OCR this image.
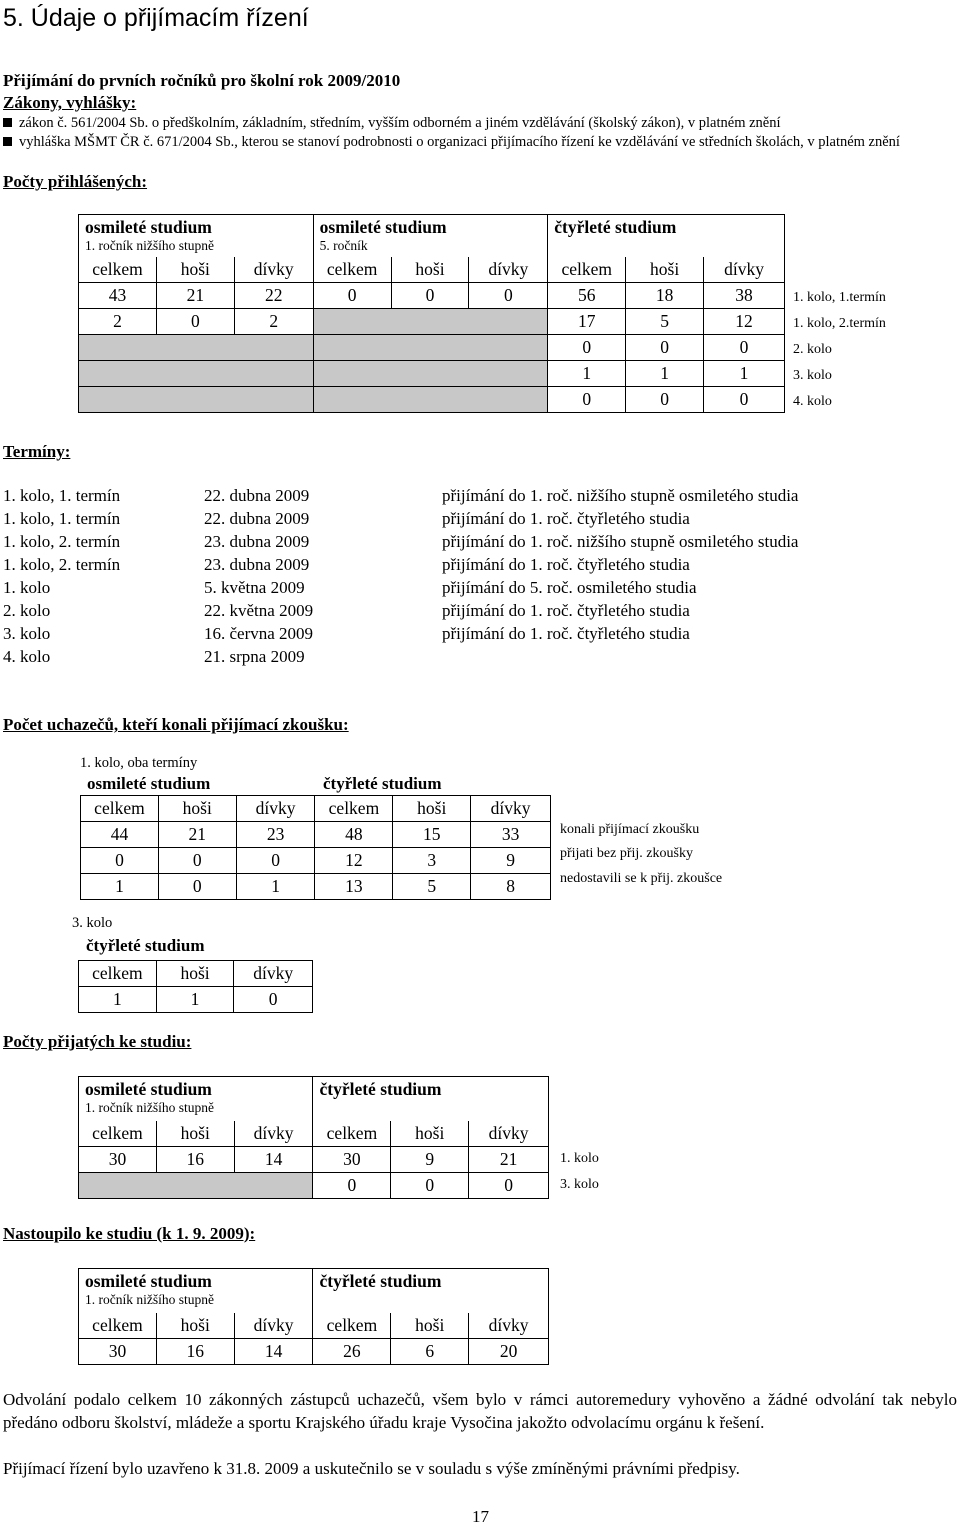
5. Údaje o přijímacím řízení
Přijímání do prvních ročníků pro školní rok 2009/2010
Zákony, vyhlášky:
zákon č. 561/2004 Sb. o předškolním, základním, středním, vyšším odborném a jiném vzdělávání (školský zákon), v platném znění
vyhláška MŠMT ČR č. 671/2004 Sb., kterou se stanoví podrobnosti o organizaci přijímacího řízení ke vzdělávání ve středních školách, v platném znění
Počty přihlášených:
osmileté studium
1. ročník nižšího stupně			osmileté studium
5. ročník			čtyřleté studium		

celkem	hoši	dívky	celkem	hoši	dívky	celkem	hoši	dívky
43	21	22	0	0	0	56	18	38
2	0	2				17	5	12
						0	0	0
						1	1	1
						0	0	0
1. kolo, 1.termín
1. kolo, 2.termín
2. kolo
3. kolo
4. kolo
Termíny:
1. kolo, 1. termín	22. dubna 2009	přijímání do 1. roč. nižšího stupně osmiletého studia
1. kolo, 1. termín	22. dubna 2009	přijímání do 1. roč. čtyřletého studia
1. kolo, 2. termín	23. dubna 2009	přijímání do 1. roč. nižšího stupně osmiletého studia
1. kolo, 2. termín	23. dubna 2009	přijímání do 1. roč. čtyřletého studia
1. kolo	5. května 2009	přijímání do 5. roč. osmiletého studia
2. kolo	22. května 2009	přijímání do 1. roč. čtyřletého studia
3. kolo	16. června 2009	přijímání do 1. roč. čtyřletého studia
4. kolo	21. srpna 2009
Počet uchazečů, kteří konali přijímací zkoušku:
1. kolo, oba termíny
osmileté studium	čtyřleté studium
celkem	hoši	dívky	celkem	hoši	dívky
44	21	23	48	15	33
0	0	0	12	3	9
1	0	1	13	5	8
konali přijímací zkoušku
přijati bez přij. zkoušky
nedostavili se k přij. zkoušce
3. kolo
čtyřleté studium
celkem	hoši	dívky
1	1	0
Počty přijatých ke studiu:
osmileté studium
1. ročník nižšího stupně			čtyřleté studium		

celkem	hoši	dívky	celkem	hoši	dívky
30	16	14	30	9	21
			0	0	0
1. kolo
3. kolo
Nastoupilo ke studiu (k 1. 9. 2009):
osmileté studium
1. ročník nižšího stupně			čtyřleté studium		

celkem	hoši	dívky	celkem	hoši	dívky
30	16	14	26	6	20
Odvolání podalo celkem 10 zákonných zástupců uchazečů, všem bylo v rámci autoremedury vyhověno a žádné odvolání tak nebylo předáno odboru školství, mládeže a sportu Krajského úřadu kraje Vysočina jakožto odvolacímu orgánu k řešení.
Přijímací řízení bylo uzavřeno k 31.8. 2009 a uskutečnilo se v souladu s výše zmíněnými právními předpisy.
17
